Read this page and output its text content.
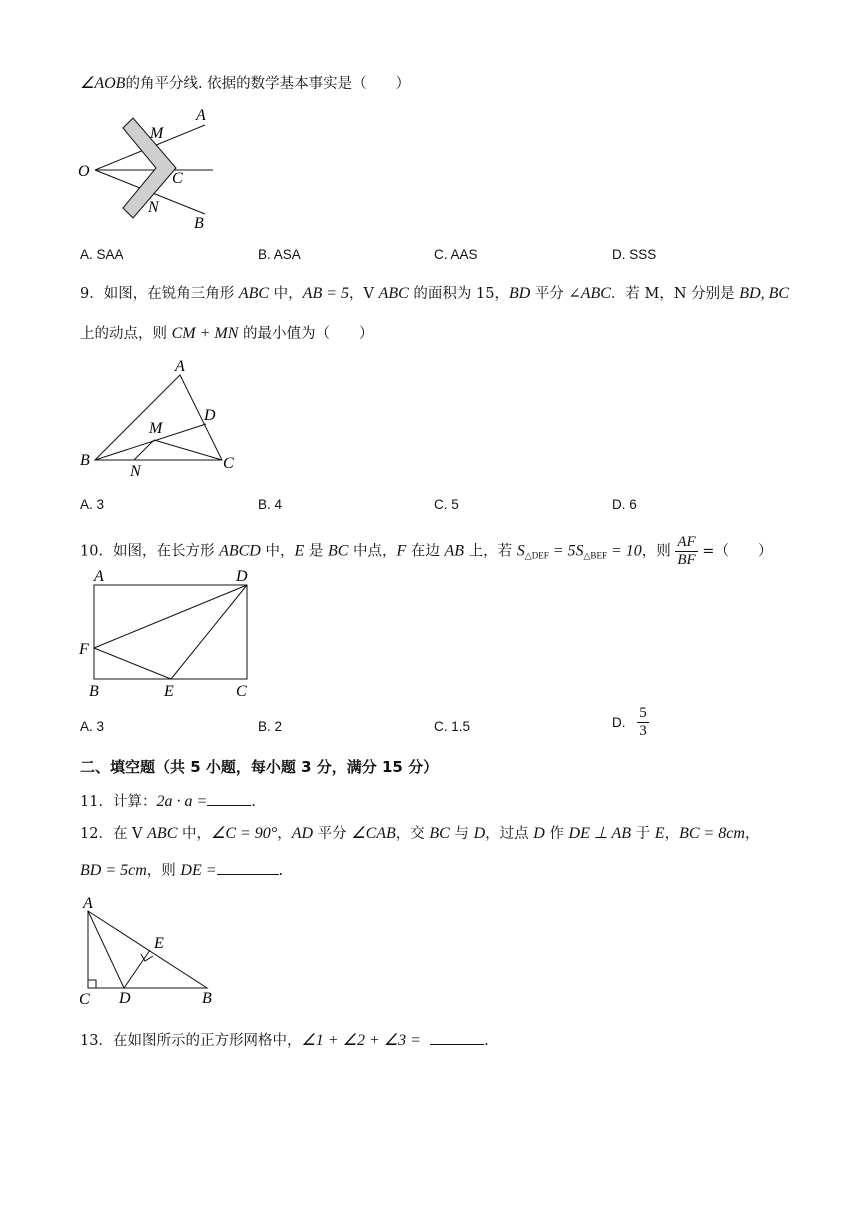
∠AOB的角平分线. 依据的数学基本事实是（　　）
A
M
O	C
N
B
A. SAA	B. ASA	C. AAS	D. SSS
9．如图，在锐角三角形 ABC 中，AB = 5，V ABC 的面积为 15，BD 平分 ∠ABC．若 M，N 分别是 BD, BC
上的动点，则 CM + MN 的最小值为（　　）
A
D
M
B
N	C
A. 3	B. 4	C. 5	D. 6
10．如图，在长方形 ABCD 中，E 是 BC 中点，F 在边 AB 上，若 $S_{\triangle DEF} = 5S_{\triangle BEF} = 10$，则 $\frac{AF}{BF}$ =（　　）
A	D
F
B	E	C
A. 3	B. 2	C. 1.5	D. $\frac{5}{3}$
二、填空题（共 5 小题，每小题 3 分，满分 15 分）
11．计算：2a · a =	.
12．在 V ABC 中，∠C = 90°，AD 平分 ∠CAB，交 BC 与 D，过点 D 作 DE ⊥ AB 于 E，BC = 8cm，
BD = 5cm，则 DE =	.
A
E
C D	B
13．在如图所示的正方形网格中，∠1 + ∠2 + ∠3 =	.
